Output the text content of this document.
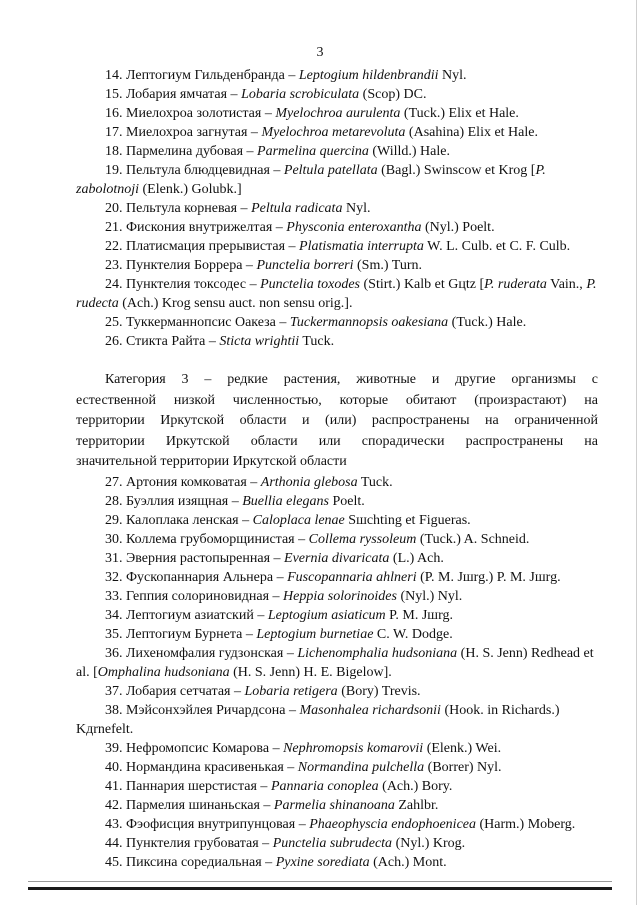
3

14. Лептогиум Гильденбранда – Leptogium hildenbrandii Nyl.

15. Лобария ямчатая – Lobaria scrobiculata (Scop) DC.

16. Миелохроа золотистая – Myelochroa aurulenta (Tuck.) Elix et Hale.

17. Миелохроа загнутая – Myelochroa metarevoluta (Asahina) Elix et Hale.

18. Пармелина дубовая – Parmelina quercina (Willd.) Hale.

19. Пельтула блюдцевидная – Peltula patellata (Bagl.) Swinscow et Krog [P. zabolotnoji (Elenk.) Golubk.]

20. Пельтула корневая – Peltula radicata Nyl.

21. Фискония внутрижелтая – Physconia enteroxantha (Nyl.) Poelt.

22. Платисмация прерывистая – Platismatia interrupta W. L. Culb. et C. F. Culb.

23. Пунктелия Боррера – Punctelia borreri (Sm.) Turn.

24. Пунктелия токсодес – Punctelia toxodes (Stirt.) Kalb et Gцtz [P. ruderata Vain., P. rudecta (Ach.) Krog sensu auct. non sensu orig.].

25. Туккерманнопсис Оакеза – Tuckermannopsis oakesiana (Tuck.) Hale.

26. Стикта Райта – Sticta wrightii Tuck.

Категория 3 – редкие растения, животные и другие организмы с
естественной низкой численностью, которые обитают (произрастают) на
территории Иркутской области и (или) распространены на ограниченной
территории Иркутской области или спорадически распространены на
значительной территории Иркутской области

27. Артония комковатая – Arthonia glebosa Tuck.

28. Буэллия изящная – Buellia elegans Poelt.

29. Калоплака ленская – Caloplaca lenae Sшchting et Figueras.

30. Коллема грубоморщинистая – Collema ryssoleum (Tuck.) A. Schneid.

31. Эверния растопыренная – Evernia divaricata (L.) Ach.

32. Фускопаннария Альнера – Fuscopannaria ahlneri (P. M. Jшrg.) P. M. Jшrg.

33. Геппия солориновидная – Heppia solorinoides (Nyl.) Nyl.

34. Лептогиум азиатский – Leptogium asiaticum P. M. Jшrg.

35. Лептогиум Бурнета – Leptogium burnetiae C. W. Dodge.

36. Лихеномфалия гудзонская – Lichenomphalia hudsoniana (H. S. Jenn) Redhead et al. [Omphalina hudsoniana (H. S. Jenn) H. E. Bigelow].

37. Лобария сетчатая – Lobaria retigera (Bory) Trevis.

38. Мэйсонхэйлея Ричардсона – Masonhalea richardsonii (Hook. in Richards.) Kдrnefelt.

39. Нефромопсис Комарова – Nephromopsis komarovii (Elenk.) Wei.

40. Нормандина красивенькая – Normandina pulchella (Borrer) Nyl.

41. Паннария шерстистая – Pannaria conoplea (Ach.) Bory.

42. Пармелия шинаньская – Parmelia shinanoana Zahlbr.

43. Фэофисция внутрипунцовая – Phaeophyscia endophoenicea (Harm.) Moberg.

44. Пунктелия грубоватая – Punctelia subrudecta (Nyl.) Krog.

45. Пиксина соредиальная – Pyxine sorediata (Ach.) Mont.
